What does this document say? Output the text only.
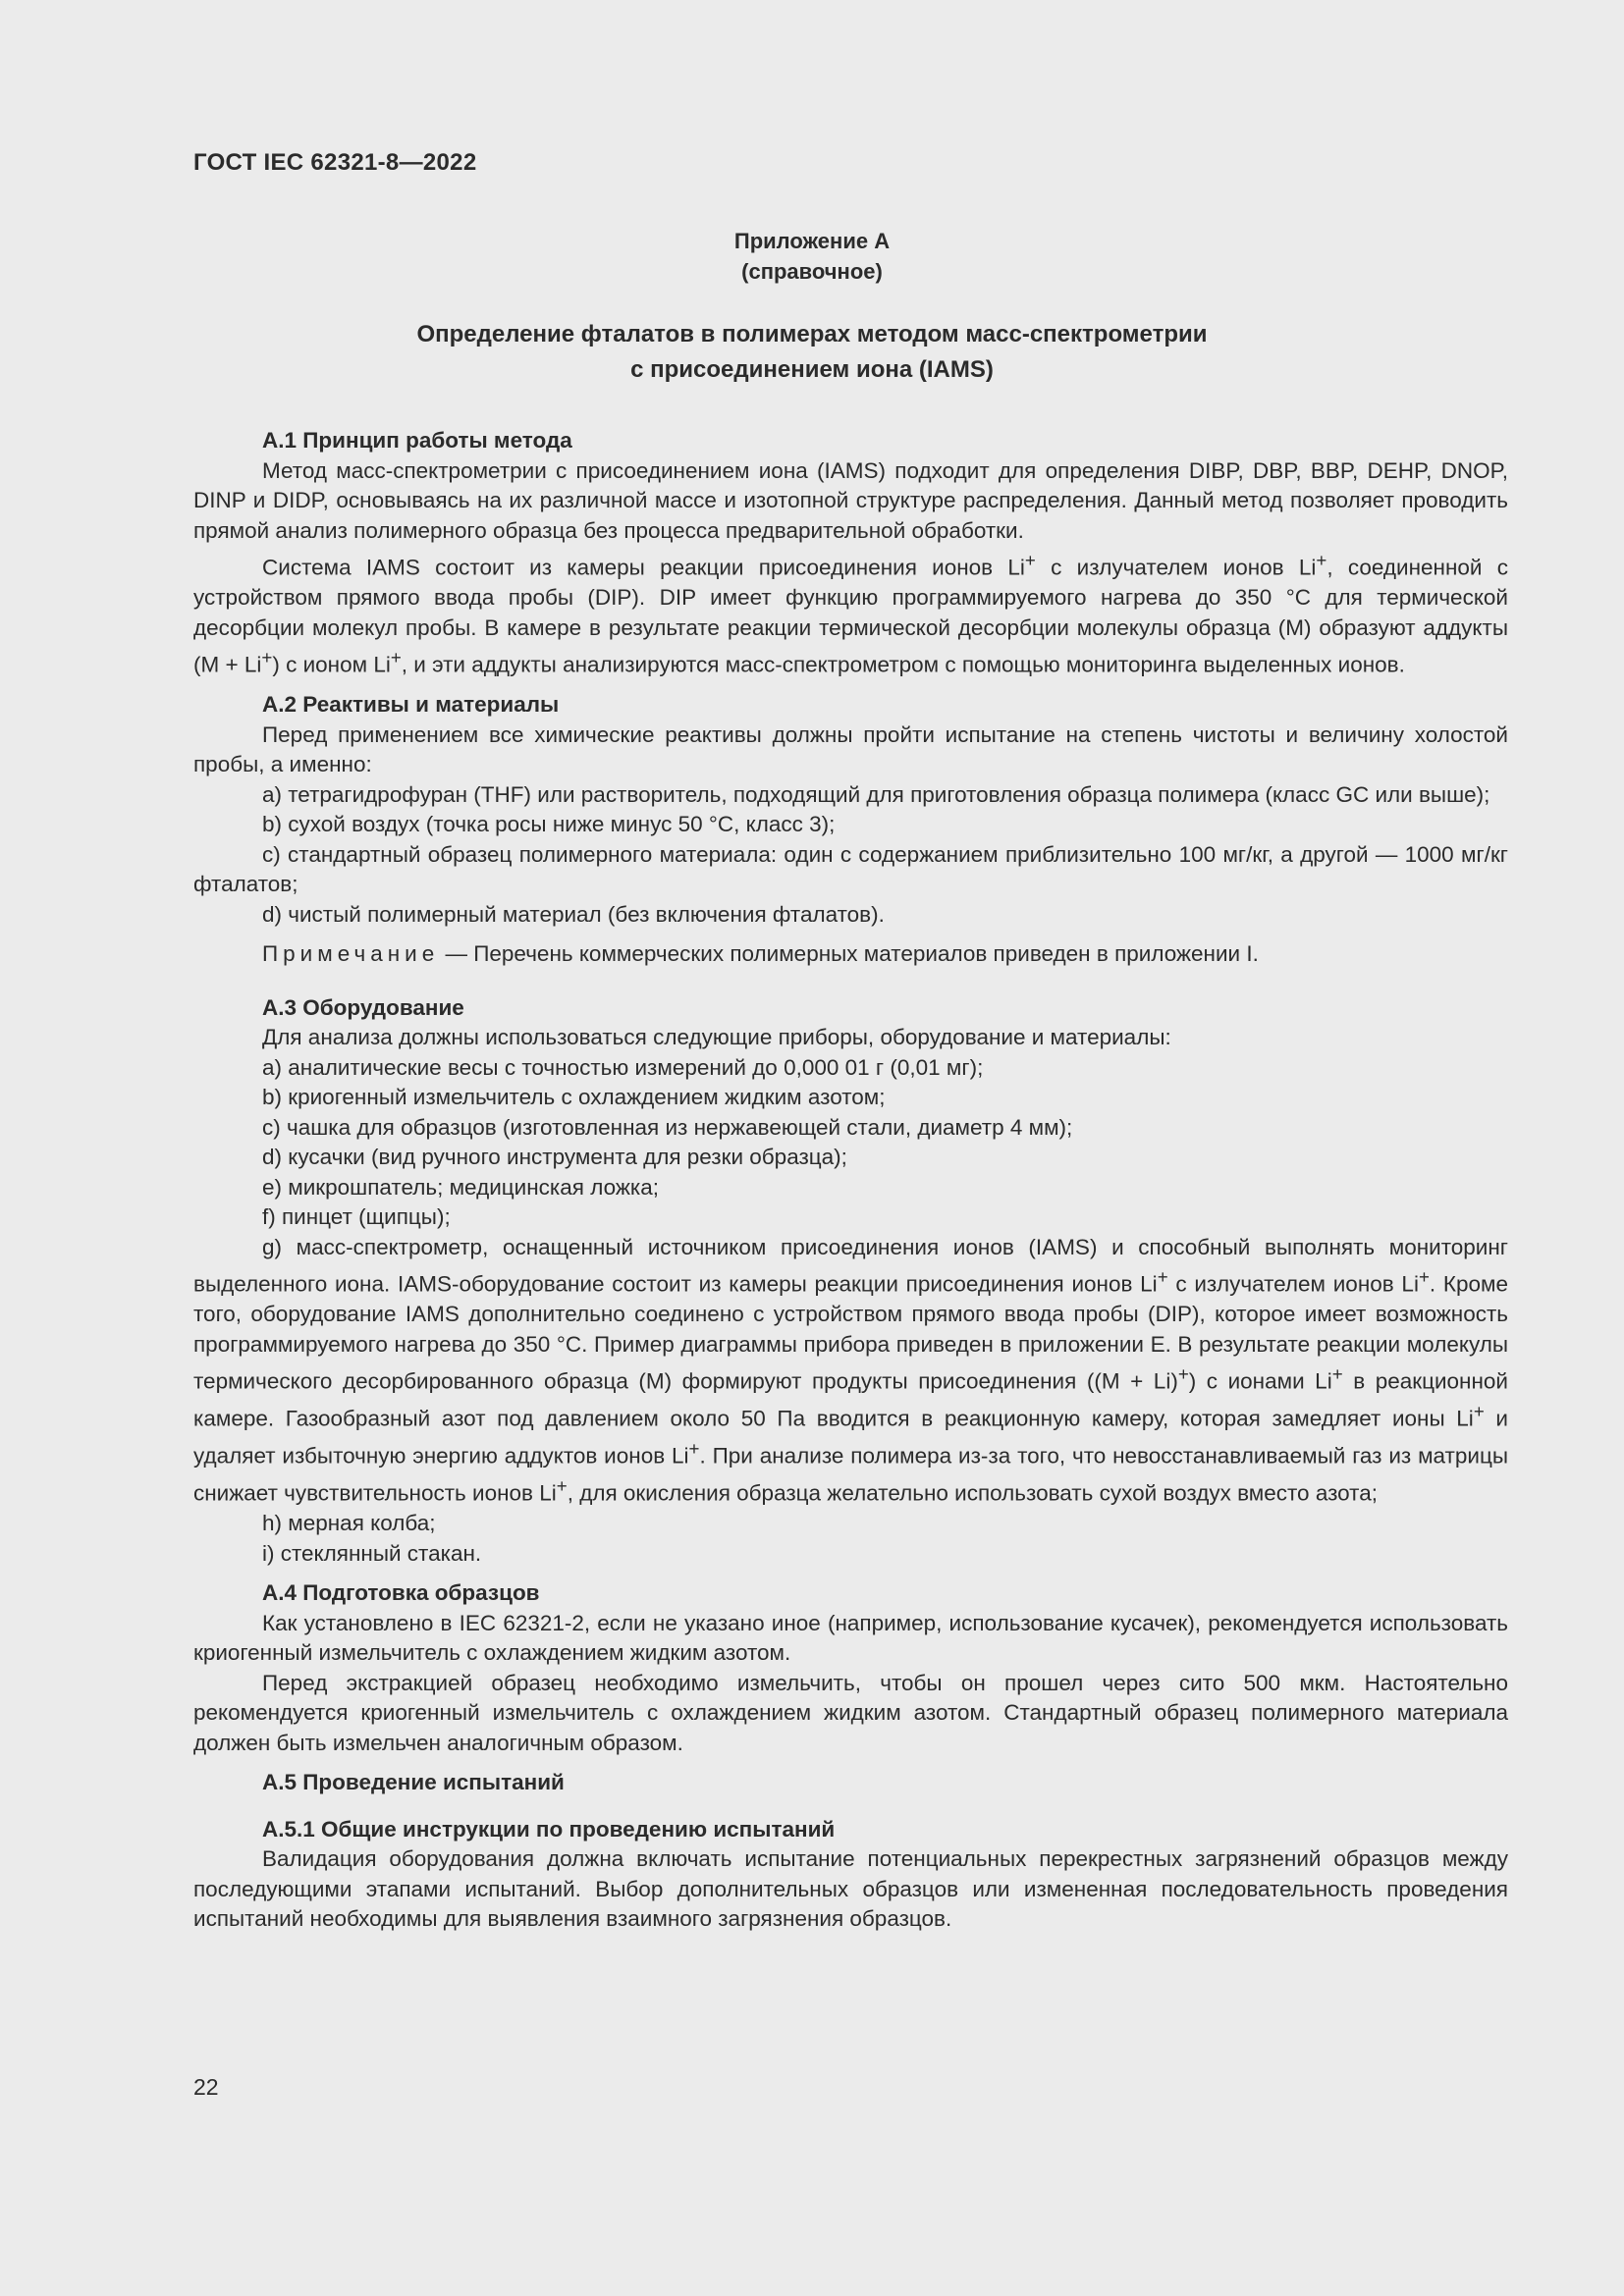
ГОСТ IEC 62321-8—2022
Приложение А
(справочное)
Определение фталатов в полимерах методом масс-спектрометрии
с присоединением иона (IAMS)
А.1 Принцип работы метода

Метод масс-спектрометрии с присоединением иона (IAMS) подходит для определения DIBP, DBP, BBP, DEHP, DNOP, DINP и DIDP, основываясь на их различной массе и изотопной структуре распределения. Данный метод позволяет проводить прямой анализ полимерного образца без процесса предварительной обработки.

Система IAMS состоит из камеры реакции присоединения ионов Li+ с излучателем ионов Li+, соединенной с устройством прямого ввода пробы (DIP). DIP имеет функцию программируемого нагрева до 350 °С для термической десорбции молекул пробы. В камере в результате реакции термической десорбции молекулы образца (M) образуют аддукты (M + Li+) с ионом Li+, и эти аддукты анализируются масс-спектрометром с помощью мониторинга выделенных ионов.

А.2 Реактивы и материалы

Перед применением все химические реактивы должны пройти испытание на степень чистоты и величину холостой пробы, а именно:

а) тетрагидрофуран (THF) или растворитель, подходящий для приготовления образца полимера (класс GC или выше);
b) сухой воздух (точка росы ниже минус 50 °С, класс 3);
с) стандартный образец полимерного материала: один с содержанием приблизительно 100 мг/кг, а другой — 1000 мг/кг фталатов;
d) чистый полимерный материал (без включения фталатов).
Примечание — Перечень коммерческих полимерных материалов приведен в приложении I.
А.3 Оборудование
Для анализа должны использоваться следующие приборы, оборудование и материалы:
а) аналитические весы с точностью измерений до 0,000 01 г (0,01 мг);
b) криогенный измельчитель с охлаждением жидким азотом;
с) чашка для образцов (изготовленная из нержавеющей стали, диаметр 4 мм);
d) кусачки (вид ручного инструмента для резки образца);
е) микрошпатель; медицинская ложка;
f) пинцет (щипцы);
g) масс-спектрометр, оснащенный источником присоединения ионов (IAMS) и способный выполнять мониторинг выделенного иона. IAMS-оборудование состоит из камеры реакции присоединения ионов Li+ с излучателем ионов Li+. Кроме того, оборудование IAMS дополнительно соединено с устройством прямого ввода пробы (DIP), которое имеет возможность программируемого нагрева до 350 °С. Пример диаграммы прибора приведен в приложении Е. В результате реакции молекулы термического десорбированного образца (M) формируют продукты присоединения ((M + Li)+) с ионами Li+ в реакционной камере. Газообразный азот под давлением около 50 Па вводится в реакционную камеру, которая замедляет ионы Li+ и удаляет избыточную энергию аддуктов ионов Li+. При анализе полимера из-за того, что невосстанавливаемый газ из матрицы снижает чувствительность ионов Li+, для окисления образца желательно использовать сухой воздух вместо азота;
h) мерная колба;
i) стеклянный стакан.
А.4 Подготовка образцов

Как установлено в IEC 62321-2, если не указано иное (например, использование кусачек), рекомендуется использовать криогенный измельчитель с охлаждением жидким азотом.

Перед экстракцией образец необходимо измельчить, чтобы он прошел через сито 500 мкм. Настоятельно рекомендуется криогенный измельчитель с охлаждением жидким азотом. Стандартный образец полимерного материала должен быть измельчен аналогичным образом.

А.5 Проведение испытаний
А.5.1 Общие инструкции по проведению испытаний

Валидация оборудования должна включать испытание потенциальных перекрестных загрязнений образцов между последующими этапами испытаний. Выбор дополнительных образцов или измененная последовательность проведения испытаний необходимы для выявления взаимного загрязнения образцов.

22
